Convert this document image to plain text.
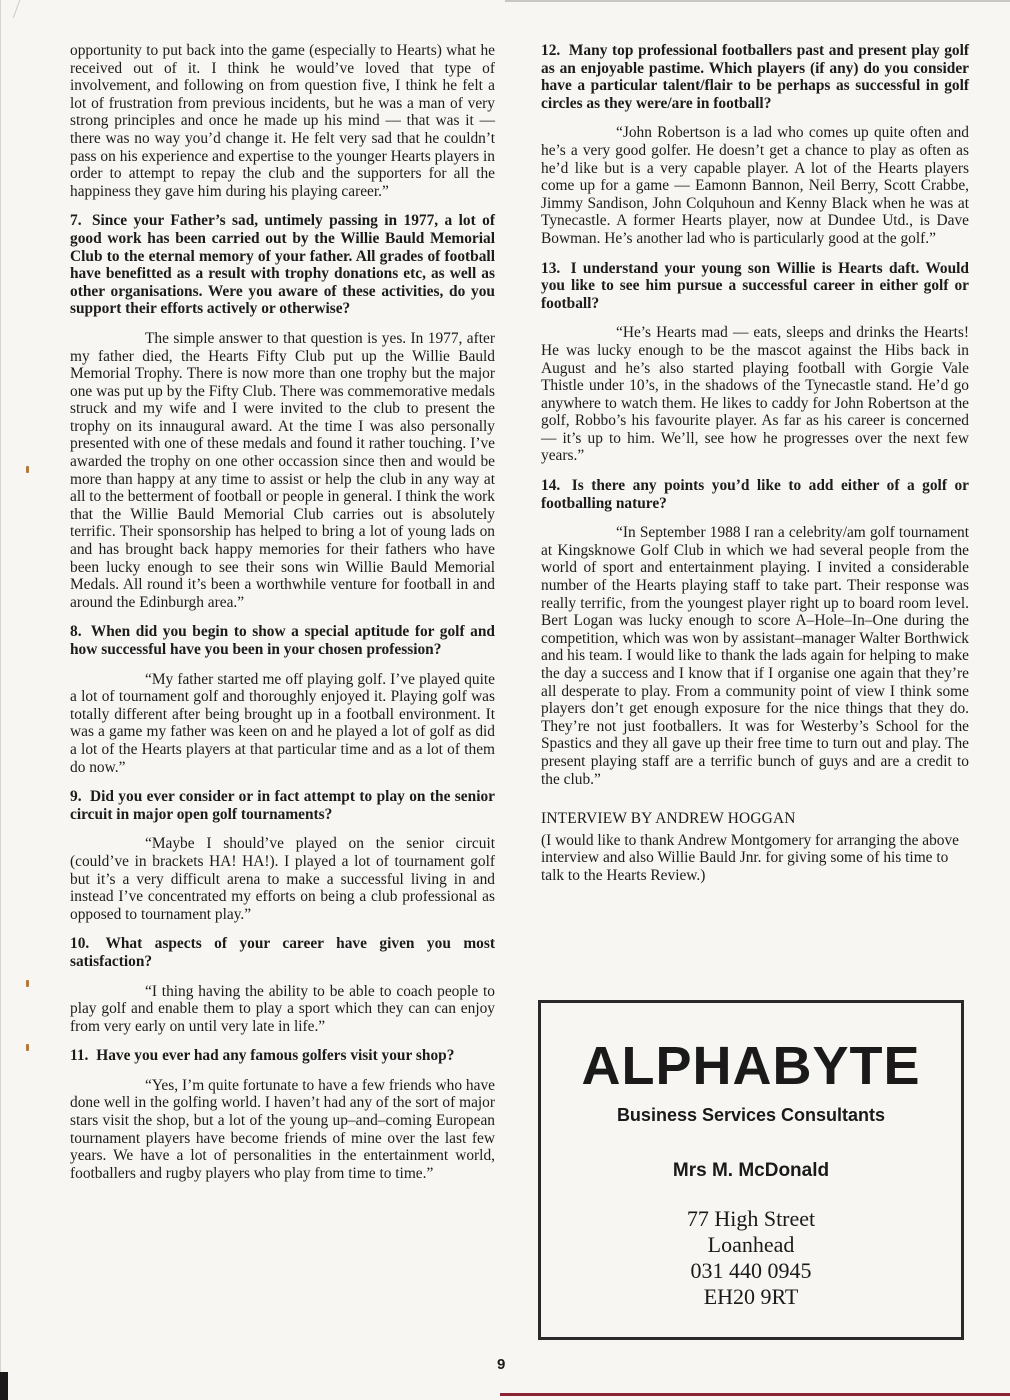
opportunity to put back into the game (especially to Hearts) what he received out of it. I think he would’ve loved that type of involvement, and following on from question five, I think he felt a lot of frustration from previous incidents, but he was a man of very strong principles and once he made up his mind — that was it — there was no way you’d change it. He felt very sad that he couldn’t pass on his experience and expertise to the younger Hearts players in order to attempt to repay the club and the supporters for all the happiness they gave him during his playing career.”

7. Since your Father’s sad, untimely passing in 1977, a lot of good work has been carried out by the Willie Bauld Memorial Club to the eternal memory of your father. All grades of football have benefitted as a result with trophy donations etc, as well as other organisations. Were you aware of these activities, do you support their efforts actively or otherwise?

The simple answer to that question is yes. In 1977, after my father died, the Hearts Fifty Club put up the Willie Bauld Memorial Trophy. There is now more than one trophy but the major one was put up by the Fifty Club. There was commemorative medals struck and my wife and I were invited to the club to present the trophy on its innaugural award. At the time I was also personally presented with one of these medals and found it rather touching. I’ve awarded the trophy on one other occassion since then and would be more than happy at any time to assist or help the club in any way at all to the betterment of football or people in general. I think the work that the Willie Bauld Memorial Club carries out is absolutely terrific. Their sponsorship has helped to bring a lot of young lads on and has brought back happy memories for their fathers who have been lucky enough to see their sons win Willie Bauld Memorial Medals. All round it’s been a worthwhile venture for football in and around the Edinburgh area.”

8. When did you begin to show a special aptitude for golf and how successful have you been in your chosen profession?

“My father started me off playing golf. I’ve played quite a lot of tournament golf and thoroughly enjoyed it. Playing golf was totally different after being brought up in a football environment. It was a game my father was keen on and he played a lot of golf as did a lot of the Hearts players at that particular time and as a lot of them do now.”

9. Did you ever consider or in fact attempt to play on the senior circuit in major open golf tournaments?

“Maybe I should’ve played on the senior circuit (could’ve in brackets HA! HA!). I played a lot of tournament golf but it’s a very difficult arena to make a successful living in and instead I’ve concentrated my efforts on being a club professional as opposed to tournament play.”

10. What aspects of your career have given you most satisfaction?

“I thing having the ability to be able to coach people to play golf and enable them to play a sport which they can can enjoy from very early on until very late in life.”

11. Have you ever had any famous golfers visit your shop?

“Yes, I’m quite fortunate to have a few friends who have done well in the golfing world. I haven’t had any of the sort of major stars visit the shop, but a lot of the young up–and–coming European tournament players have become friends of mine over the last few years. We have a lot of personalities in the entertainment world, footballers and rugby players who play from time to time.”

12. Many top professional footballers past and present play golf as an enjoyable pastime. Which players (if any) do you consider have a particular talent/flair to be perhaps as successful in golf circles as they were/are in football?

“John Robertson is a lad who comes up quite often and he’s a very good golfer. He doesn’t get a chance to play as often as he’d like but is a very capable player. A lot of the Hearts players come up for a game — Eamonn Bannon, Neil Berry, Scott Crabbe, Jimmy Sandison, John Colquhoun and Kenny Black when he was at Tynecastle. A former Hearts player, now at Dundee Utd., is Dave Bowman. He’s another lad who is particularly good at the golf.”

13. I understand your young son Willie is Hearts daft. Would you like to see him pursue a successful career in either golf or football?

“He’s Hearts mad — eats, sleeps and drinks the Hearts! He was lucky enough to be the mascot against the Hibs back in August and he’s also started playing football with Gorgie Vale Thistle under 10’s, in the shadows of the Tynecastle stand. He’d go anywhere to watch them. He likes to caddy for John Robertson at the golf, Robbo’s his favourite player. As far as his career is concerned — it’s up to him. We’ll, see how he progresses over the next few years.”

14. Is there any points you’d like to add either of a golf or footballing nature?

“In September 1988 I ran a celebrity/am golf tournament at Kingsknowe Golf Club in which we had several people from the world of sport and entertainment playing. I invited a considerable number of the Hearts playing staff to take part. Their response was really terrific, from the youngest player right up to board room level. Bert Logan was lucky enough to score A–Hole–In–One during the competition, which was won by assistant–manager Walter Borthwick and his team. I would like to thank the lads again for helping to make the day a success and I know that if I organise one again that they’re all desperate to play. From a community point of view I think some players don’t get enough exposure for the nice things that they do. They’re not just footballers. It was for Westerby’s School for the Spastics and they all gave up their free time to turn out and play. The present playing staff are a terrific bunch of guys and are a credit to the club.”

INTERVIEW BY ANDREW HOGGAN

(I would like to thank Andrew Montgomery for arranging the above interview and also Willie Bauld Jnr. for giving some of his time to talk to the Hearts Review.)

ALPHABYTE
Business Services Consultants
Mrs M. McDonald
77 High Street
Loanhead
031 440 0945
EH20 9RT
9
